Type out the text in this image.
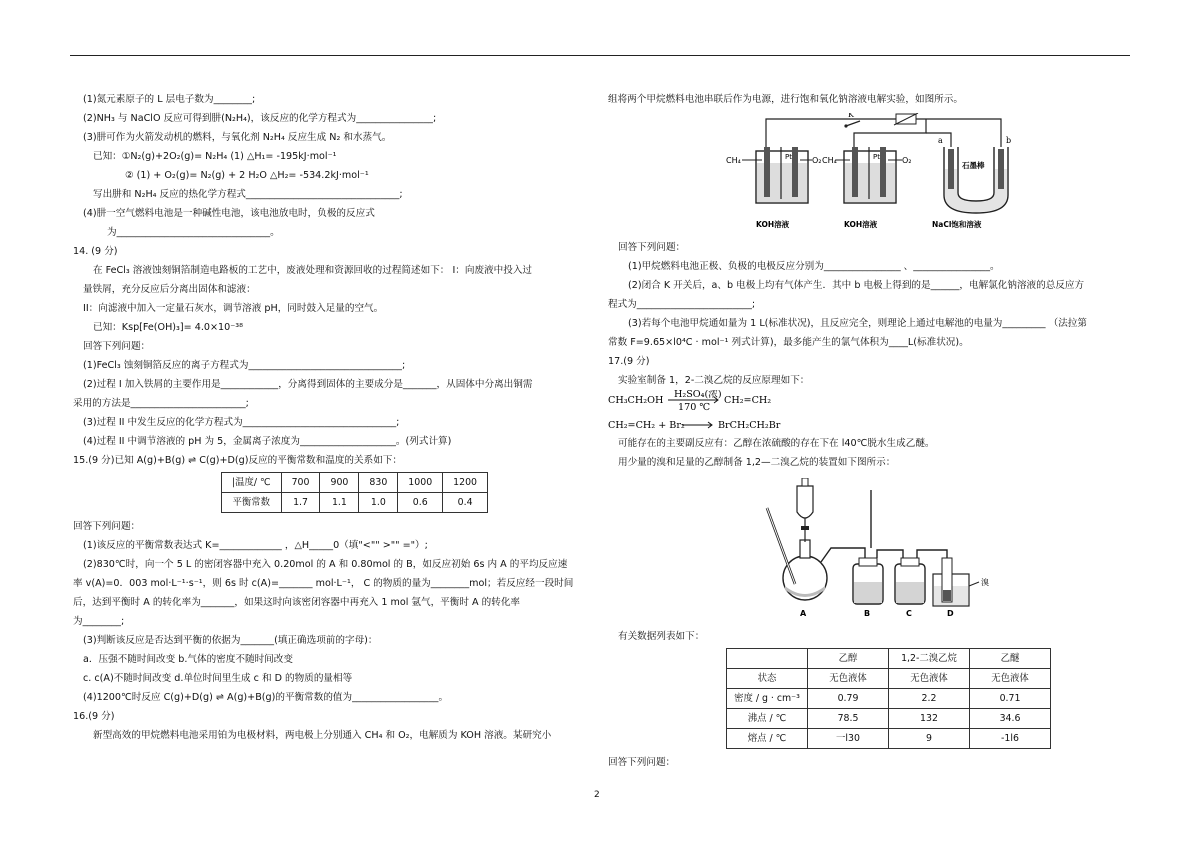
(1)氮元素原子的 L 层电子数为________;
(2)NH₃ 与 NaClO 反应可得到肼(N₂H₄)，该反应的化学方程式为________________;
(3)肼可作为火箭发动机的燃料，与氧化剂 N₂H₄ 反应生成 N₂ 和水蒸气。
已知：①N₂(g)+2O₂(g)= N₂H₄ (1) △H₁= -195kJ·mol⁻¹
② (1) + O₂(g)= N₂(g) + 2 H₂O △H₂= -534.2kJ·mol⁻¹
写出肼和 N₂H₄ 反应的热化学方程式________________________________;
(4)肼一空气燃料电池是一种碱性电池，该电池放电时，负极的反应式
为________________________________。
14. (9 分)
在 FeCl₃ 溶液蚀刻铜箔制造电路板的工艺中，废液处理和资源回收的过程简述如下： I：向废液中投入过
量铁屑，充分反应后分离出固体和滤液：
II：向滤液中加入一定量石灰水，调节溶液 pH，同时鼓入足量的空气。
已知：Ksp[Fe(OH)₃]= 4.0×10⁻³⁸
回答下列问题：
(1)FeCl₃ 蚀刻铜箔反应的离子方程式为________________________________;
(2)过程 I 加入铁屑的主要作用是____________，分离得到固体的主要成分是_______，从固体中分离出铜需
采用的方法是________________________;
(3)过程 II 中发生反应的化学方程式为________________________________;
(4)过程 II 中调节溶液的 pH 为 5，金属离子浓度为____________________。(列式计算)
15.(9 分)已知 A(g)+B(g) ⇌ C(g)+D(g)反应的平衡常数和温度的关系如下：
|温度/ ℃	700	900	830	1000	1200
平衡常数	1.7	1.1	1.0	0.6	0.4
回答下列问题：
(1)该反应的平衡常数表达式 K=_____________ ，△H_____0（填"<"" >"" ="）;
(2)830℃时，向一个 5 L 的密闭容器中充入 0.20mol 的 A 和 0.80mol 的 B，如反应初始 6s 内 A 的平均反应速
率 v(A)=0．003 mol·L⁻¹·s⁻¹，则 6s 时 c(A)=_______ mol·L⁻¹， C 的物质的量为________mol；若反应经一段时间
后，达到平衡时 A 的转化率为_______，如果这时向该密闭容器中再充入 1 mol 氩气，平衡时 A 的转化率
为________;
(3)判断该反应是否达到平衡的依据为_______(填正确选项前的字母)：
a．压强不随时间改变 b.气体的密度不随时间改变
c. c(A)不随时间改变 d.单位时间里生成 c 和 D 的物质的量相等
(4)1200℃时反应 C(g)+D(g) ⇌ A(g)+B(g)的平衡常数的值为__________________。
16.(9 分)
新型高效的甲烷燃料电池采用铂为电极材料，两电极上分别通入 CH₄ 和 O₂，电解质为 KOH 溶液。某研究小
组将两个甲烷燃料电池串联后作为电源，进行饱和氧化钠溶液电解实验，如图所示。
K
CH₄	O₂
Pt
KOH溶液
CH₄	O₂
Pt
KOH溶液
a	b
石墨棒
NaCl饱和溶液
回答下列问题：
(1)甲烷燃料电池正极、负极的电极反应分别为________________ 、________________。
(2)闭合 K 开关后，a、b 电极上均有气体产生．其中 b 电极上得到的是______，电解氯化钠溶液的总反应方
程式为________________________;
(3)若每个电池甲烷通如量为 1 L(标准状况)，且反应完全，则理论上通过电解池的电量为_________ （法拉第
常数 F=9.65×l0⁴C · mol⁻¹ 列式计算)，最多能产生的氯气体积为____L(标准状况)。
17.(9 分)
实验室制备 1，2-二溴乙烷的反应原理如下：
CH₃CH₂OH
H₂SO₄(浓)
170 ℃
CH₂=CH₂
CH₂=CH₂ + Br₂	BrCH₂CH₂Br
可能存在的主要副反应有：乙醇在浓硫酸的存在下在 l40℃脱水生成乙醚。
用少量的溴和足量的乙醇制备 1,2—二溴乙烷的装置如下图所示：
溴
A	B	C	D
有关数据列表如下：
	乙醇	1,2-二溴乙烷	乙醚
状态	无色液体	无色液体	无色液体
密度 / g · cm⁻³	0.79	2.2	0.71
沸点 / ℃	78.5	132	34.6
熔点 / ℃	一l30	9	-1l6
回答下列问题：
2
